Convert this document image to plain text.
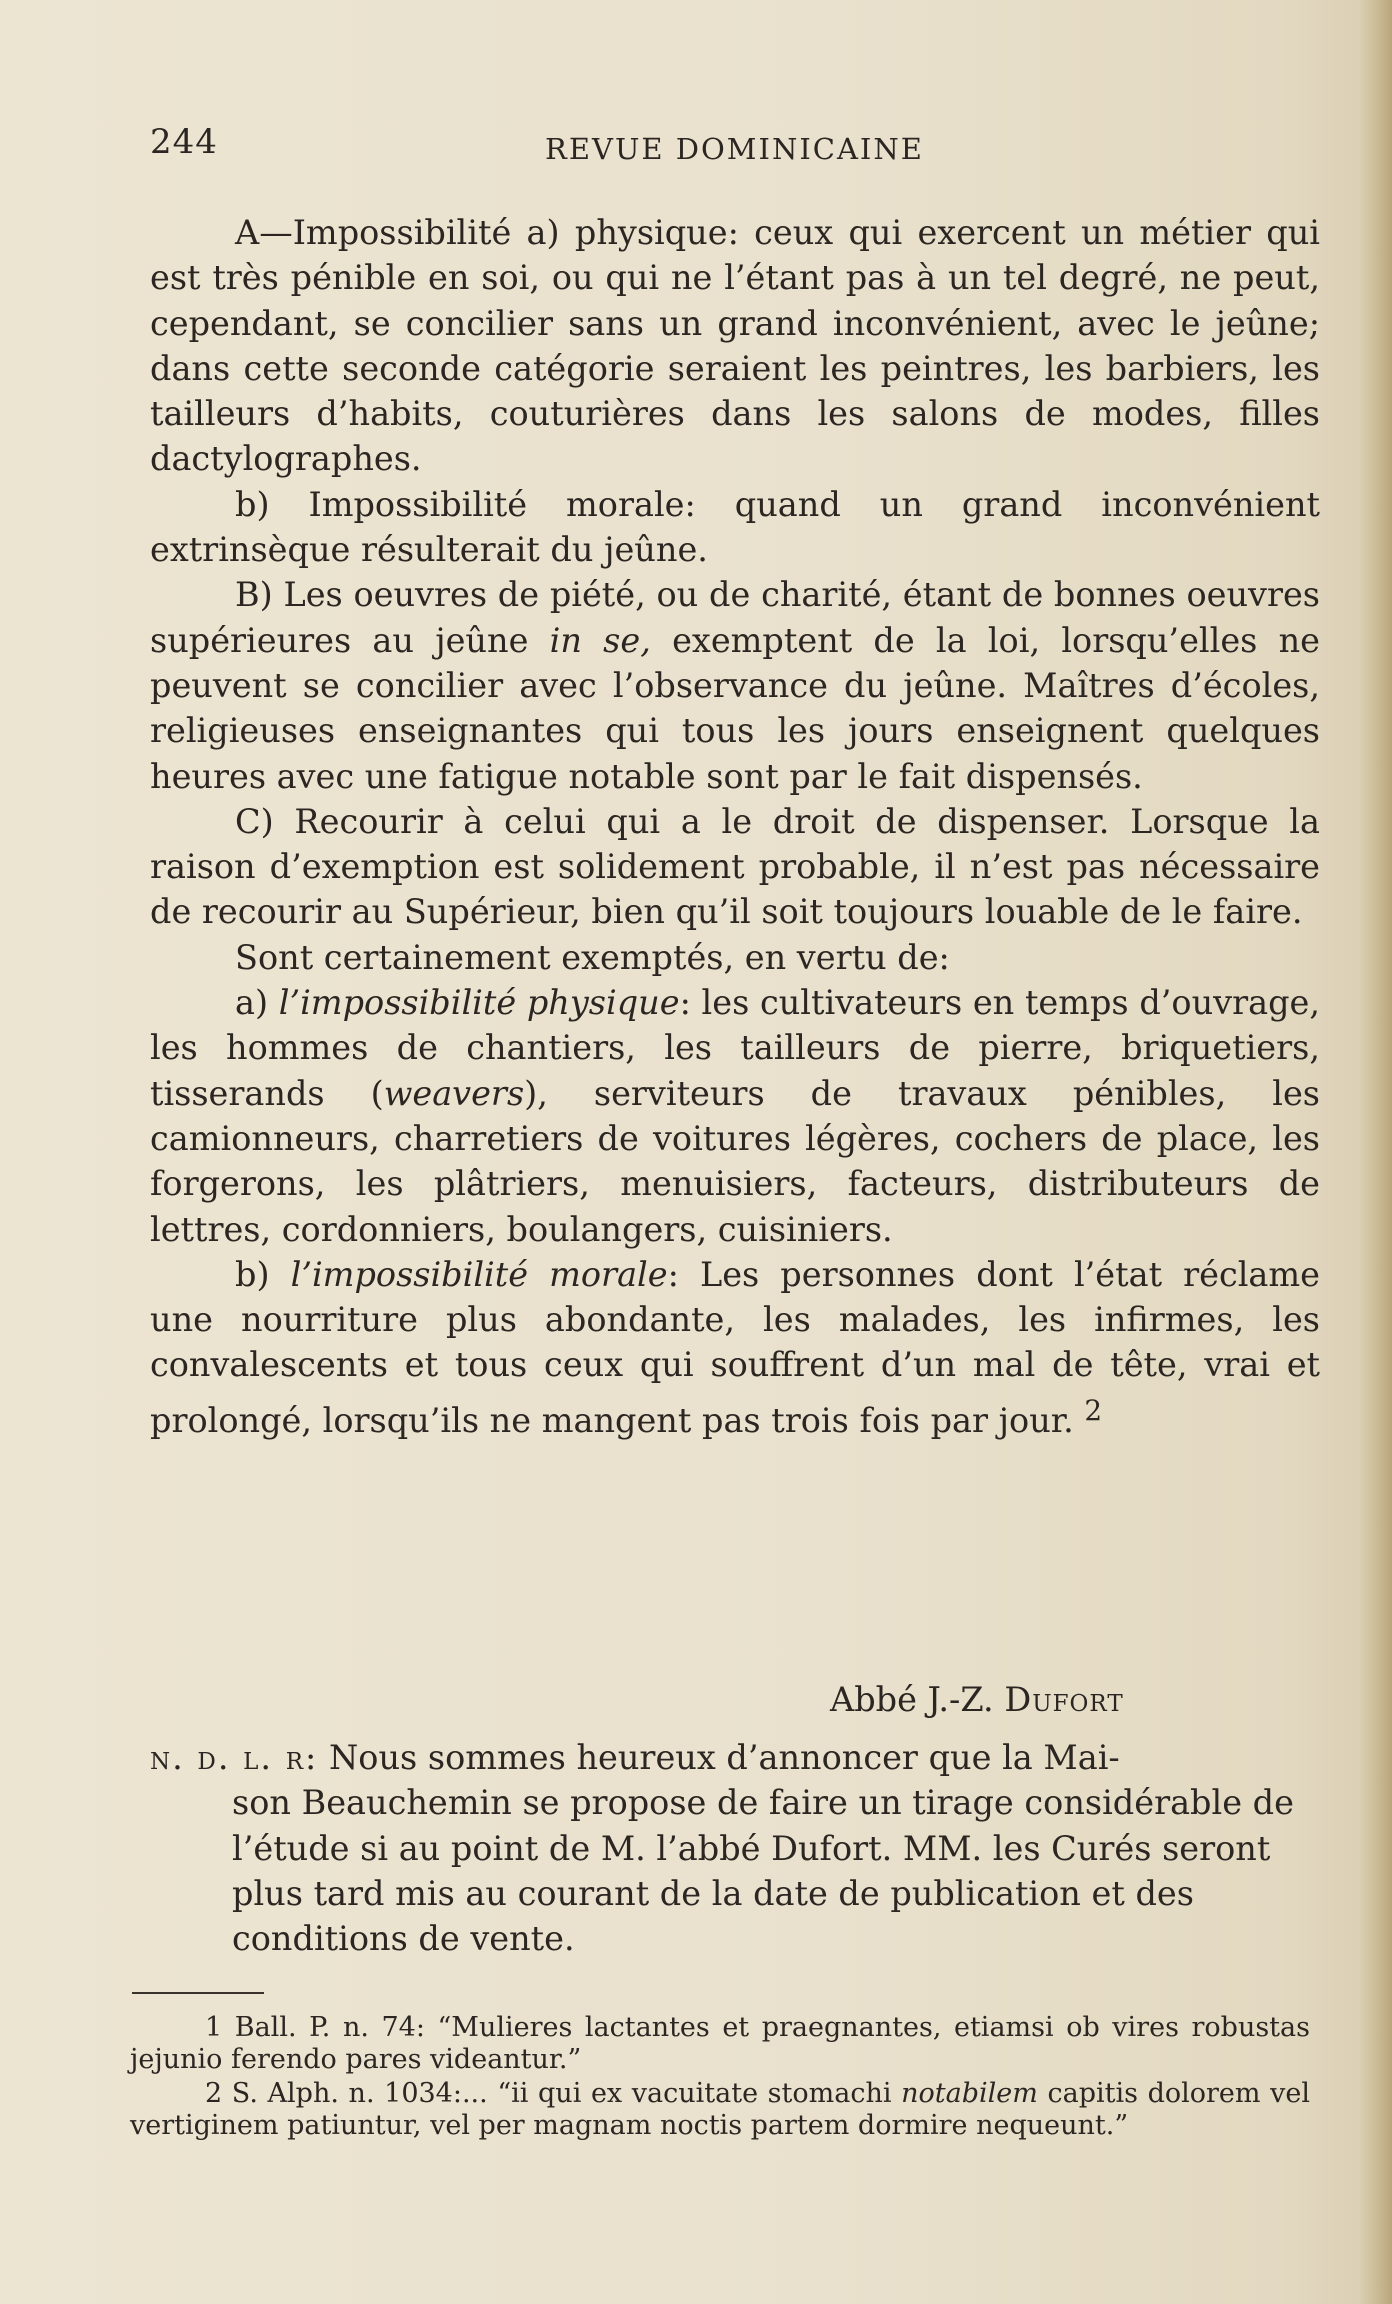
244	REVUE DOMINICAINE

A—Impossibilité a) physique: ceux qui exercent un métier qui est très pénible en soi, ou qui ne l’étant pas à un tel degré, ne peut, cependant, se concilier sans un grand inconvénient, avec le jeûne; dans cette seconde catégorie seraient les peintres, les barbiers, les tailleurs d’habits, couturières dans les salons de modes, filles dactylographes.

b) Impossibilité morale: quand un grand inconvénient extrinsèque résulterait du jeûne.

B) Les oeuvres de piété, ou de charité, étant de bonnes oeuvres supérieures au jeûne in se, exemptent de la loi, lorsqu’elles ne peuvent se concilier avec l’observance du jeûne. Maîtres d’écoles, religieuses enseignantes qui tous les jours enseignent quelques heures avec une fatigue notable sont par le fait dispensés.

C) Recourir à celui qui a le droit de dispenser. Lorsque la raison d’exemption est solidement probable, il n’est pas nécessaire de recourir au Supérieur, bien qu’il soit toujours louable de le faire.

Sont certainement exemptés, en vertu de:

a) l’impossibilité physique: les cultivateurs en temps d’ouvrage, les hommes de chantiers, les tailleurs de pierre, briquetiers, tisserands (weavers), serviteurs de travaux pénibles, les camionneurs, charretiers de voitures légères, cochers de place, les forgerons, les plâtriers, menuisiers, facteurs, distributeurs de lettres, cordonniers, boulangers, cuisiniers.

b) l’impossibilité morale: Les personnes dont l’état réclame une nourriture plus abondante, les malades, les infirmes, les convalescents et tous ceux qui souffrent d’un mal de tête, vrai et prolongé, lorsqu’ils ne mangent pas trois fois par jour. $^2$

Abbé J.-Z. Dufort
n. d. l. r: Nous sommes heureux d’annoncer que la Mai-
son Beauchemin se propose de faire un tirage considérable de l’étude si au point de M. l’abbé Dufort. MM. les Curés seront plus tard mis au courant de la date de publication et des conditions de vente.

1 Ball. P. n. 74: “Mulieres lactantes et praegnantes, etiamsi ob vires robustas jejunio ferendo pares videantur.”

2 S. Alph. n. 1034:... “ii qui ex vacuitate stomachi notabilem capitis dolorem vel vertiginem patiuntur, vel per magnam noctis partem dormire nequeunt.”
